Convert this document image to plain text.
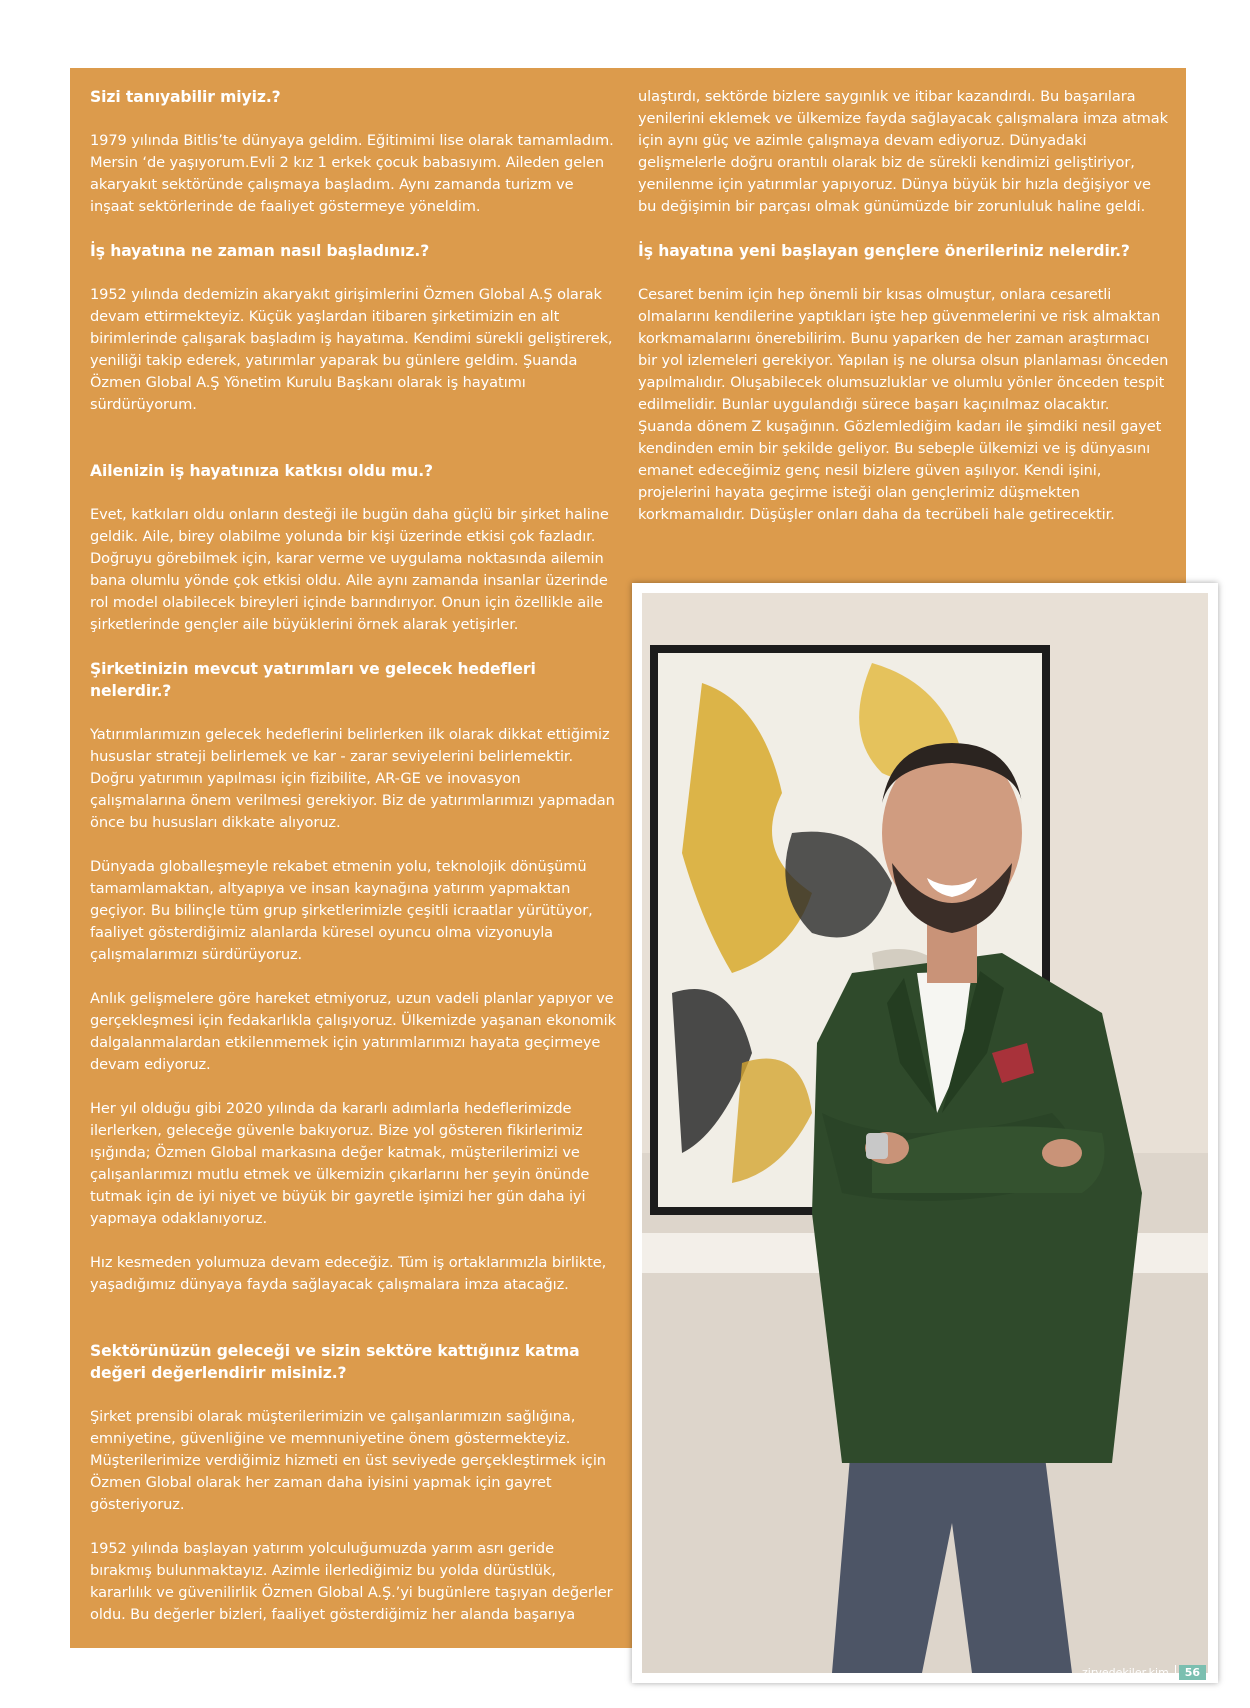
Sizi tanıyabilir miyiz.?

1979 yılında Bitlis’te dünyaya geldim. Eğitimimi lise olarak tamamladım. Mersin ‘de yaşıyorum.Evli 2 kız 1 erkek çocuk babasıyım. Aileden gelen akaryakıt sektöründe çalışmaya başladım. Aynı zamanda turizm ve inşaat sektörlerinde de faaliyet göstermeye yöneldim.

İş hayatına ne zaman nasıl başladınız.?

1952 yılında dedemizin akaryakıt girişimlerini Özmen Global A.Ş olarak devam ettirmekteyiz. Küçük yaşlardan itibaren şirketimizin en alt birimlerinde çalışarak başladım iş hayatıma. Kendimi sürekli geliştirerek, yeniliği takip ederek, yatırımlar yaparak bu günlere geldim. Şuanda Özmen Global A.Ş Yönetim Kurulu Başkanı olarak iş hayatımı sürdürüyorum.

Ailenizin iş hayatınıza katkısı oldu mu.?

Evet, katkıları oldu onların desteği ile bugün daha güçlü bir şirket haline geldik. Aile, birey olabilme yolunda bir kişi üzerinde etkisi çok fazladır. Doğruyu görebilmek için, karar verme ve uygulama noktasında ailemin bana olumlu yönde çok etkisi oldu. Aile aynı zamanda insanlar üzerinde rol model olabilecek bireyleri içinde barındırıyor. Onun için özellikle aile şirketlerinde gençler aile büyüklerini örnek alarak yetişirler.

Şirketinizin mevcut yatırımları ve gelecek hedefleri nelerdir.?

Yatırımlarımızın gelecek hedeflerini belirlerken ilk olarak dikkat ettiğimiz hususlar strateji belirlemek ve kar - zarar seviyelerini belirlemektir. Doğru yatırımın yapılması için fizibilite, AR-GE ve inovasyon çalışmalarına önem verilmesi gerekiyor. Biz de yatırımlarımızı yapmadan önce bu hususları dikkate alıyoruz.

Dünyada globalleşmeyle rekabet etmenin yolu, teknolojik dönüşümü tamamlamaktan, altyapıya ve insan kaynağına yatırım yapmaktan geçiyor. Bu bilinçle tüm grup şirketlerimizle çeşitli icraatlar yürütüyor, faaliyet gösterdiğimiz alanlarda küresel oyuncu olma vizyonuyla çalışmalarımızı sürdürüyoruz.

Anlık gelişmelere göre hareket etmiyoruz, uzun vadeli planlar yapıyor ve gerçekleşmesi için fedakarlıkla çalışıyoruz. Ülkemizde yaşanan ekonomik dalgalanmalardan etkilenmemek için yatırımlarımızı hayata geçirmeye devam ediyoruz.

Her yıl olduğu gibi 2020 yılında da kararlı adımlarla hedeflerimizde ilerlerken, geleceğe güvenle bakıyoruz. Bize yol gösteren fikirlerimiz ışığında; Özmen Global markasına değer katmak, müşterilerimizi ve çalışanlarımızı mutlu etmek ve ülkemizin çıkarlarını her şeyin önünde tutmak için de iyi niyet ve büyük bir gayretle işimizi her gün daha iyi yapmaya odaklanıyoruz.

Hız kesmeden yolumuza devam edeceğiz. Tüm iş ortaklarımızla birlikte, yaşadığımız dünyaya fayda sağlayacak çalışmalara imza atacağız.

Sektörünüzün geleceği ve sizin sektöre kattığınız katma değeri değerlendirir misiniz.?

Şirket prensibi olarak müşterilerimizin ve çalışanlarımızın sağlığına, emniyetine, güvenliğine ve memnuniyetine önem göstermekteyiz. Müşterilerimize verdiğimiz hizmeti en üst seviyede gerçekleştirmek için Özmen Global olarak her zaman daha iyisini yapmak için gayret gösteriyoruz.

1952 yılında başlayan yatırım yolculuğumuzda yarım asrı geride bırakmış bulunmaktayız. Azimle ilerlediğimiz bu yolda dürüstlük, kararlılık ve güvenilirlik Özmen Global A.Ş.’yi bugünlere taşıyan değerler oldu. Bu değerler bizleri, faaliyet gösterdiğimiz her alanda başarıya

ulaştırdı, sektörde bizlere saygınlık ve itibar kazandırdı. Bu başarılara yenilerini eklemek ve ülkemize fayda sağlayacak çalışmalara imza atmak için aynı güç ve azimle çalışmaya devam ediyoruz. Dünyadaki gelişmelerle doğru orantılı olarak biz de sürekli kendimizi geliştiriyor, yenilenme için yatırımlar yapıyoruz. Dünya büyük bir hızla değişiyor ve bu değişimin bir parçası olmak günümüzde bir zorunluluk haline geldi.

İş hayatına yeni başlayan gençlere önerileriniz nelerdir.?

Cesaret benim için hep önemli bir kısas olmuştur, onlara cesaretli olmalarını kendilerine yaptıkları işte hep güvenmelerini ve risk almaktan korkmamalarını önerebilirim. Bunu yaparken de her zaman araştırmacı bir yol izlemeleri gerekiyor. Yapılan iş ne olursa olsun planlaması önceden yapılmalıdır. Oluşabilecek olumsuzluklar ve olumlu yönler önceden tespit edilmelidir. Bunlar uygulandığı sürece başarı kaçınılmaz olacaktır.
Şuanda dönem Z kuşağının. Gözlemlediğim kadarı ile şimdiki nesil gayet kendinden emin bir şekilde geliyor. Bu sebeple ülkemizi ve iş dünyasını emanet edeceğimiz genç nesil bizlere güven aşılıyor. Kendi işini, projelerini hayata geçirme isteği olan gençlerimiz düşmekten korkmamalıdır. Düşüşler onları daha da tecrübeli hale getirecektir.

zirvedekiler.kim	56
